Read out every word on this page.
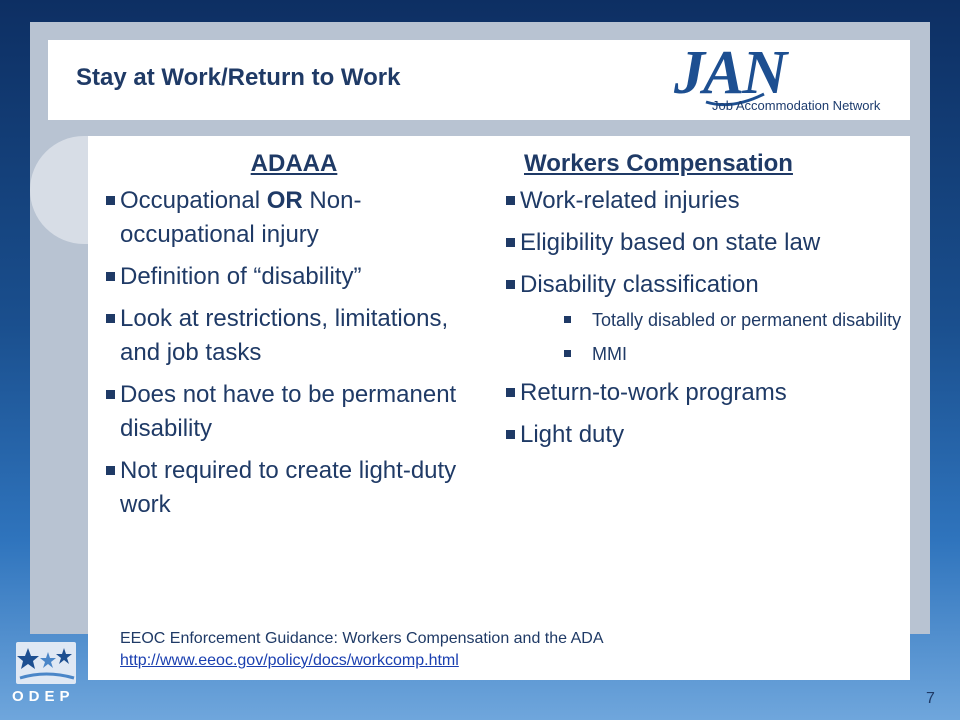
Stay at Work/Return to Work	JAN
Job Accommodation Network
ADAAA
Occupational OR Non-occupational injury
Definition of “disability”
Look at restrictions, limitations, and job tasks
Does not have to be permanent disability
Not required to create light-duty work
Workers Compensation
Work-related injuries
Eligibility based on state law
Disability classification
Totally disabled or permanent disability
MMI
Return-to-work programs
Light duty
EEOC Enforcement Guidance: Workers Compensation and the ADA
http://www.eeoc.gov/policy/docs/workcomp.html
7
ODEP
